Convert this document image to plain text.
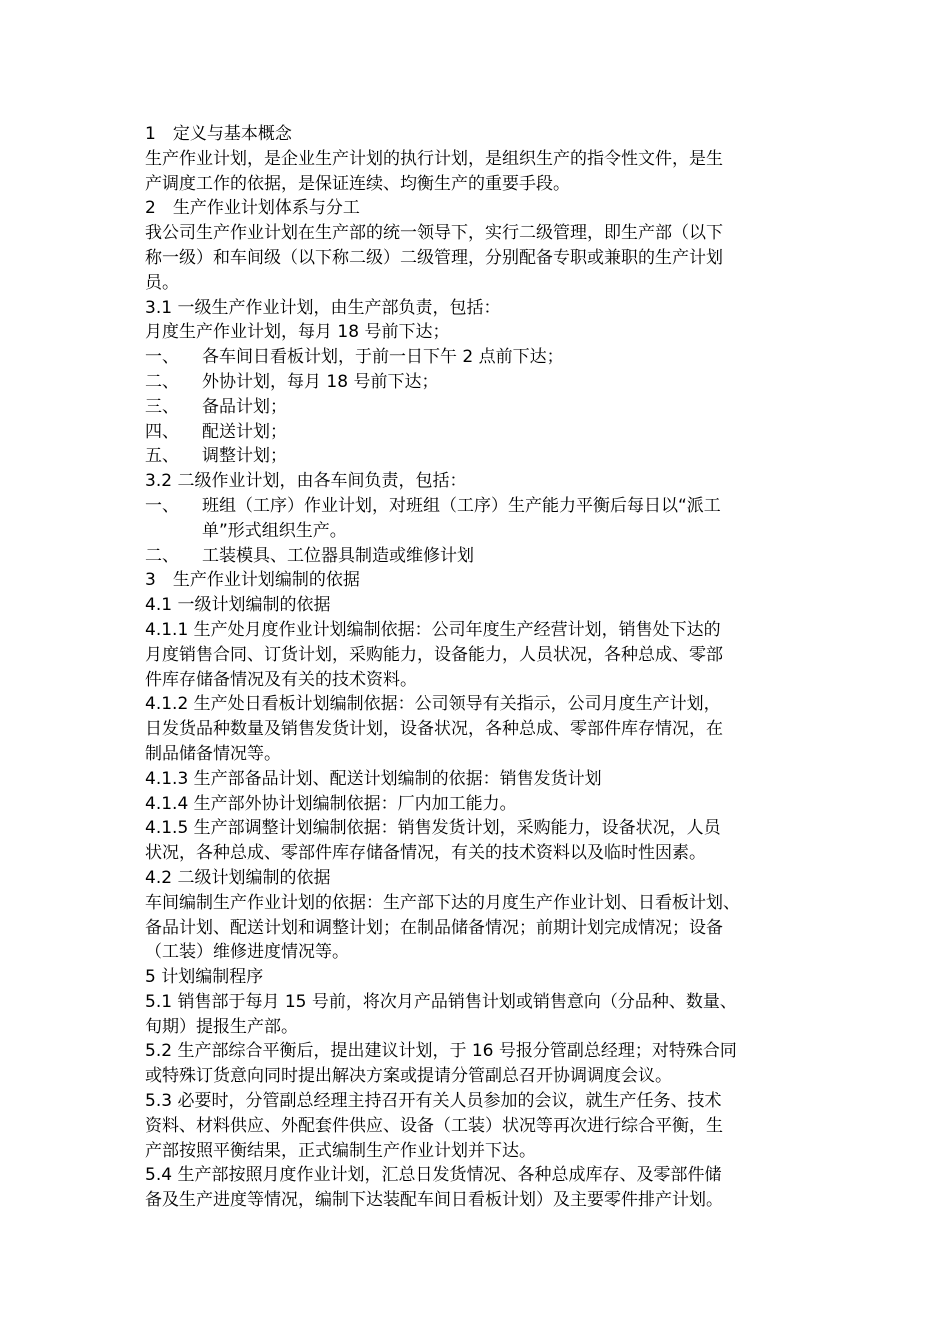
1　定义与基本概念
生产作业计划，是企业生产计划的执行计划，是组织生产的指令性文件，是生
产调度工作的依据，是保证连续、均衡生产的重要手段。
2　生产作业计划体系与分工
我公司生产作业计划在生产部的统一领导下，实行二级管理，即生产部（以下
称一级）和车间级（以下称二级）二级管理，分别配备专职或兼职的生产计划
员。
3.1 一级生产作业计划，由生产部负责，包括：
月度生产作业计划，每月 18 号前下达；
一、	各车间日看板计划，于前一日下午 2 点前下达；
二、	外协计划，每月 18 号前下达；
三、	备品计划；
四、	配送计划；
五、	调整计划；
3.2 二级作业计划，由各车间负责，包括：
一、	班组（工序）作业计划，对班组（工序）生产能力平衡后每日以“派工
单”形式组织生产。
二、	工装模具、工位器具制造或维修计划
3　生产作业计划编制的依据
4.1 一级计划编制的依据
4.1.1 生产处月度作业计划编制依据：公司年度生产经营计划，销售处下达的
月度销售合同、订货计划，采购能力，设备能力，人员状况，各种总成、零部
件库存储备情况及有关的技术资料。
4.1.2 生产处日看板计划编制依据：公司领导有关指示，公司月度生产计划，
日发货品种数量及销售发货计划，设备状况，各种总成、零部件库存情况，在
制品储备情况等。
4.1.3 生产部备品计划、配送计划编制的依据：销售发货计划
4.1.4 生产部外协计划编制依据：厂内加工能力。
4.1.5 生产部调整计划编制依据：销售发货计划，采购能力，设备状况，人员
状况，各种总成、零部件库存储备情况，有关的技术资料以及临时性因素。
4.2 二级计划编制的依据
车间编制生产作业计划的依据：生产部下达的月度生产作业计划、日看板计划、
备品计划、配送计划和调整计划；在制品储备情况；前期计划完成情况；设备
（工装）维修进度情况等。
5 计划编制程序
5.1 销售部于每月 15 号前，将次月产品销售计划或销售意向（分品种、数量、
旬期）提报生产部。
5.2 生产部综合平衡后，提出建议计划，于 16 号报分管副总经理；对特殊合同
或特殊订货意向同时提出解决方案或提请分管副总召开协调调度会议。
5.3 必要时，分管副总经理主持召开有关人员参加的会议，就生产任务、技术
资料、材料供应、外配套件供应、设备（工装）状况等再次进行综合平衡，生
产部按照平衡结果，正式编制生产作业计划并下达。
5.4 生产部按照月度作业计划，汇总日发货情况、各种总成库存、及零部件储
备及生产进度等情况，编制下达装配车间日看板计划）及主要零件排产计划。
